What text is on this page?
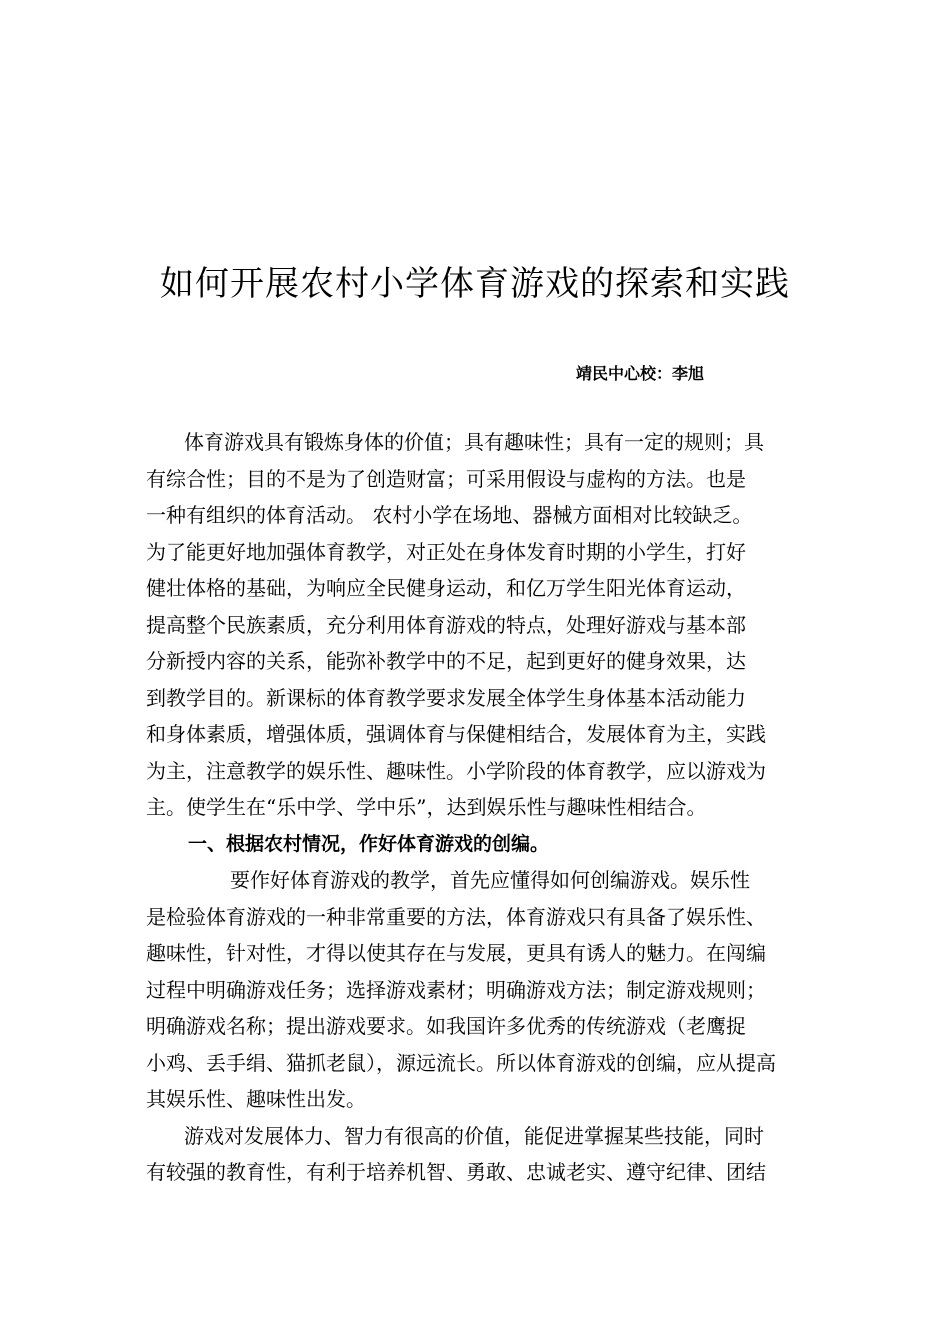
如何开展农村小学体育游戏的探索和实践
靖民中心校：李旭
体育游戏具有锻炼身体的价值；具有趣味性；具有一定的规则；具
有综合性；目的不是为了创造财富；可采用假设与虚构的方法。也是
一种有组织的体育活动。 农村小学在场地、器械方面相对比较缺乏。
为了能更好地加强体育教学，对正处在身体发育时期的小学生，打好
健壮体格的基础，为响应全民健身运动，和亿万学生阳光体育运动，
提高整个民族素质，充分利用体育游戏的特点，处理好游戏与基本部
分新授内容的关系，能弥补教学中的不足，起到更好的健身效果，达
到教学目的。新课标的体育教学要求发展全体学生身体基本活动能力
和身体素质，增强体质，强调体育与保健相结合，发展体育为主，实践
为主，注意教学的娱乐性、趣味性。小学阶段的体育教学，应以游戏为
主。使学生在“乐中学、学中乐”，达到娱乐性与趣味性相结合。
一、根据农村情况，作好体育游戏的创编。
要作好体育游戏的教学，首先应懂得如何创编游戏。娱乐性
是检验体育游戏的一种非常重要的方法，体育游戏只有具备了娱乐性、
趣味性，针对性，才得以使其存在与发展，更具有诱人的魅力。在闯编
过程中明确游戏任务；选择游戏素材；明确游戏方法；制定游戏规则；
明确游戏名称；提出游戏要求。如我国许多优秀的传统游戏（老鹰捉
小鸡、丢手绢、猫抓老鼠），源远流长。所以体育游戏的创编，应从提高
其娱乐性、趣味性出发。
游戏对发展体力、智力有很高的价值，能促进掌握某些技能，同时
有较强的教育性，有利于培养机智、勇敢、忠诚老实、遵守纪律、团结
